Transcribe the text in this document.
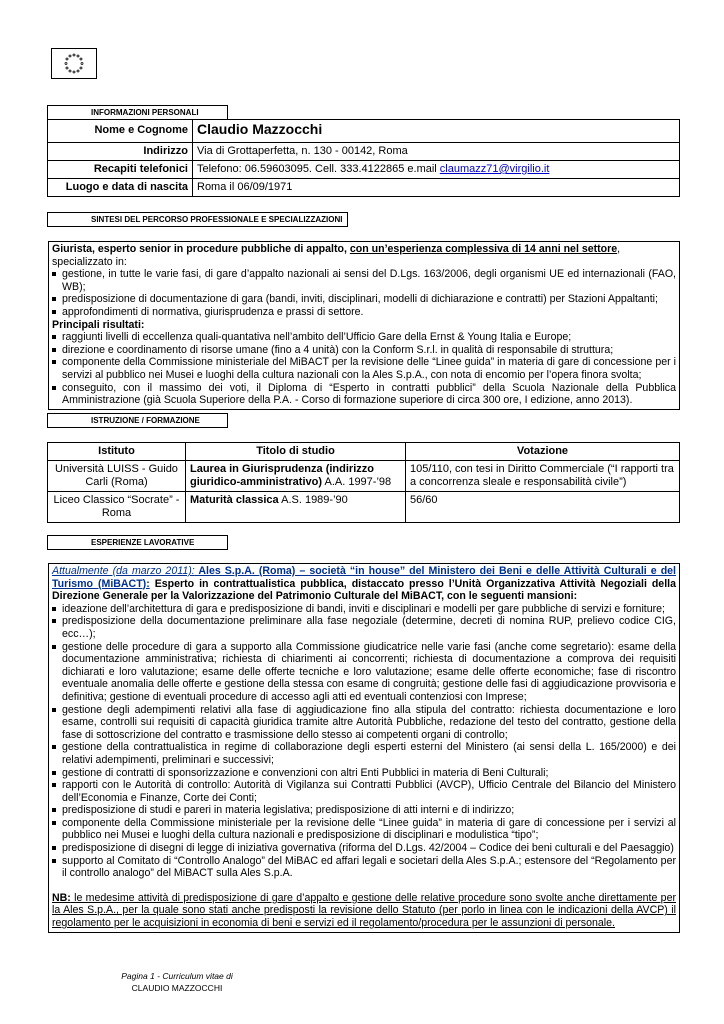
INFORMAZIONI PERSONALI
Nome e Cognome	Claudio Mazzocchi
Indirizzo	Via di Grottaperfetta, n. 130 - 00142, Roma
Recapiti telefonici	Telefono: 06.59603095. Cell. 333.4122865 e.mail claumazz71@virgilio.it
Luogo e data di nascita	Roma il 06/09/1971
SINTESI DEL PERCORSO PROFESSIONALE E SPECIALIZZAZIONI

Giurista, esperto senior in procedure pubbliche di appalto, con un’esperienza complessiva di 14 anni nel settore, specializzato in:

gestione, in tutte le varie fasi, di gare d’appalto nazionali ai sensi del D.Lgs. 163/2006, degli organismi UE ed internazionali (FAO, WB);
predisposizione di documentazione di gara (bandi, inviti, disciplinari, modelli di dichiarazione e contratti) per Stazioni Appaltanti;
approfondimenti di normativa, giurisprudenza e prassi di settore.

Principali risultati:

raggiunti livelli di eccellenza quali-quantativa nell’ambito dell’Ufficio Gare della Ernst & Young Italia e Europe;
direzione e coordinamento di risorse umane (fino a 4 unità) con la Conform S.r.l. in qualità di responsabile di struttura;
componente della Commissione ministeriale del MiBACT per la revisione delle “Linee guida” in materia di gare di concessione per i servizi al pubblico nei Musei e luoghi della cultura nazionali con la Ales S.p.A., con nota di encomio per l’opera finora svolta;
conseguito, con il massimo dei voti, il Diploma di “Esperto in contratti pubblici” della Scuola Nazionale della Pubblica Amministrazione (già Scuola Superiore della P.A. - Corso di formazione superiore di circa 300 ore, I edizione, anno 2013).
ISTRUZIONE / FORMAZIONE
Istituto	Titolo di studio	Votazione
Università LUISS - Guido Carli (Roma)	Laurea in Giurisprudenza (indirizzo giuridico-amministrativo) A.A. 1997-’98	105/110, con tesi in Diritto Commerciale (“I rapporti tra a concorrenza sleale e responsabilità civile”)
Liceo Classico “Socrate” - Roma	Maturità classica A.S. 1989-’90	56/60
ESPERIENZE LAVORATIVE

Attualmente (da marzo 2011): Ales S.p.A. (Roma) – società “in house” del Ministero dei Beni e delle Attività Culturali e del Turismo (MiBACT): Esperto in contrattualistica pubblica, distaccato presso l’Unità Organizzativa Attività Negoziali della Direzione Generale per la Valorizzazione del Patrimonio Culturale del MiBACT, con le seguenti mansioni:

ideazione dell’architettura di gara e predisposizione di bandi, inviti e disciplinari e modelli per gare pubbliche di servizi e forniture;
predisposizione della documentazione preliminare alla fase negoziale (determine, decreti di nomina RUP, prelievo codice CIG, ecc…);
gestione delle procedure di gara a supporto alla Commissione giudicatrice nelle varie fasi (anche come segretario): esame della documentazione amministrativa; richiesta di chiarimenti ai concorrenti; richiesta di documentazione a comprova dei requisiti dichiarati e loro valutazione; esame delle offerte tecniche e loro valutazione; esame delle offerte economiche; fase di riscontro eventuale anomalia delle offerte e gestione della stessa con esame di congruità; gestione delle fasi di aggiudicazione provvisoria e definitiva; gestione di eventuali procedure di accesso agli atti ed eventuali contenziosi con Imprese;
gestione degli adempimenti relativi alla fase di aggiudicazione fino alla stipula del contratto: richiesta documentazione e loro esame, controlli sui requisiti di capacità giuridica tramite altre Autorità Pubbliche, redazione del testo del contratto, gestione della fase di sottoscrizione del contratto e trasmissione dello stesso ai competenti organi di controllo;
gestione della contrattualistica in regime di collaborazione degli esperti esterni del Ministero (ai sensi della L. 165/2000) e dei relativi adempimenti, preliminari e successivi;
gestione di contratti di sponsorizzazione e convenzioni con altri Enti Pubblici in materia di Beni Culturali;
rapporti con le Autorità di controllo: Autorità di Vigilanza sui Contratti Pubblici (AVCP), Ufficio Centrale del Bilancio del Ministero dell’Economia e Finanze, Corte dei Conti;
predisposizione di studi e pareri in materia legislativa; predisposizione di atti interni e di indirizzo;
componente della Commissione ministeriale per la revisione delle “Linee guida” in materia di gare di concessione per i servizi al pubblico nei Musei e luoghi della cultura nazionali e predisposizione di disciplinari e modulistica “tipo”;
predisposizione di disegni di legge di iniziativa governativa (riforma del D.Lgs. 42/2004 – Codice dei beni culturali e del Paesaggio)
supporto al Comitato di “Controllo Analogo” del MiBAC ed affari legali e societari della Ales S.p.A.; estensore del “Regolamento per il controllo analogo” del MiBACT sulla Ales S.p.A.

NB: le medesime attività di predisposizione di gare d’appalto e gestione delle relative procedure sono svolte anche direttamente per la Ales S.p.A., per la quale sono stati anche predisposti la revisione dello Statuto (per porlo in linea con le indicazioni della AVCP) il regolamento per le acquisizioni in economia di beni e servizi ed il regolamento/procedura per le assunzioni di personale.

Pagina 1 - Curriculum vitae di
CLAUDIO MAZZOCCHI
